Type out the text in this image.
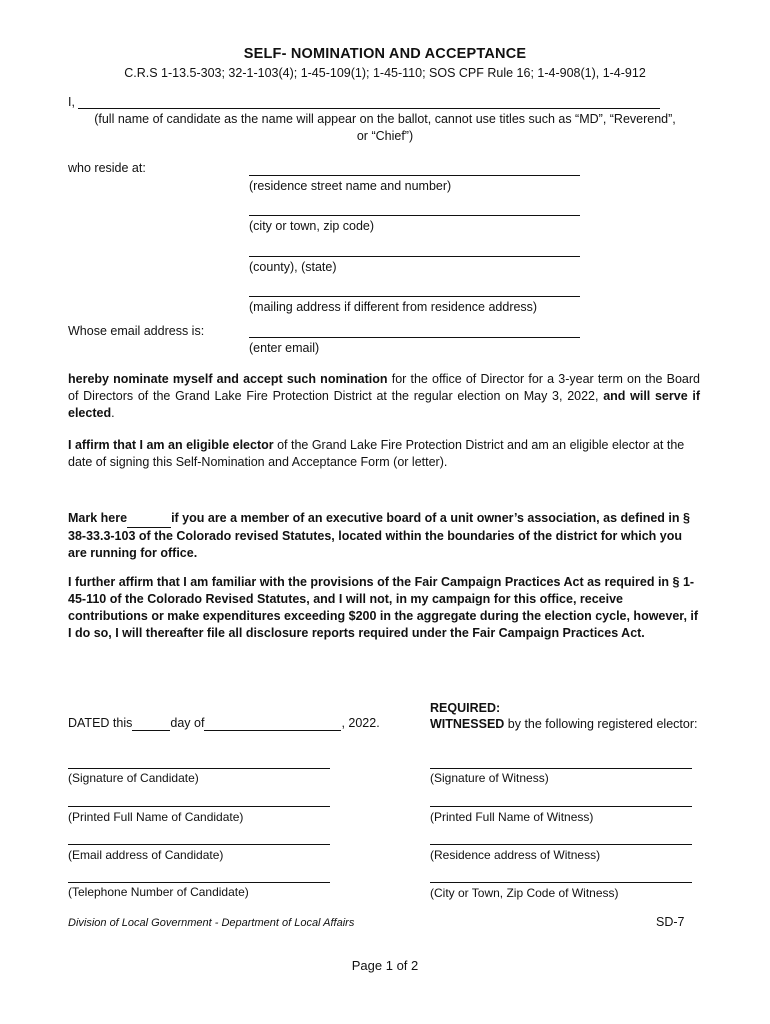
SELF- NOMINATION AND ACCEPTANCE
C.R.S 1-13.5-303; 32-1-103(4); 1-45-109(1); 1-45-110; SOS CPF Rule 16; 1-4-908(1), 1-4-912
I,
(full name of candidate as the name will appear on the ballot, cannot use titles such as “MD”, “Reverend”, or “Chief”)
who reside at:
(residence street name and number)
(city or town, zip code)
(county), (state)
(mailing address if different from residence address)
Whose email address is:
(enter email)
hereby nominate myself and accept such nomination for the office of Director for a 3-year term on the Board of Directors of the Grand Lake Fire Protection District at the regular election on May 3, 2022, and will serve if elected.
I affirm that I am an eligible elector of the Grand Lake Fire Protection District and am an eligible elector at the date of signing this Self-Nomination and Acceptance Form (or letter).
Mark here	if you are a member of an executive board of a unit owner’s association, as defined in § 38-33.3-103 of the Colorado revised Statutes, located within the boundaries of the district for which you are running for office.
I further affirm that I am familiar with the provisions of the Fair Campaign Practices Act as required in § 1- 45-110 of the Colorado Revised Statutes, and I will not, in my campaign for this office, receive contributions or make expenditures exceeding $200 in the aggregate during the election cycle, however, if I do so, I will thereafter file all disclosure reports required under the Fair Campaign Practices Act.
DATED this	day of	, 2022.
REQUIRED:
WITNESSED by the following registered elector:
(Signature of Candidate)
(Printed Full Name of Candidate)
(Email address of Candidate)
(Telephone Number of Candidate)
(Signature of Witness)
(Printed Full Name of Witness)
(Residence address of Witness)
(City or Town, Zip Code of Witness)
Division of Local Government - Department of Local Affairs	SD-7
Page 1 of 2
